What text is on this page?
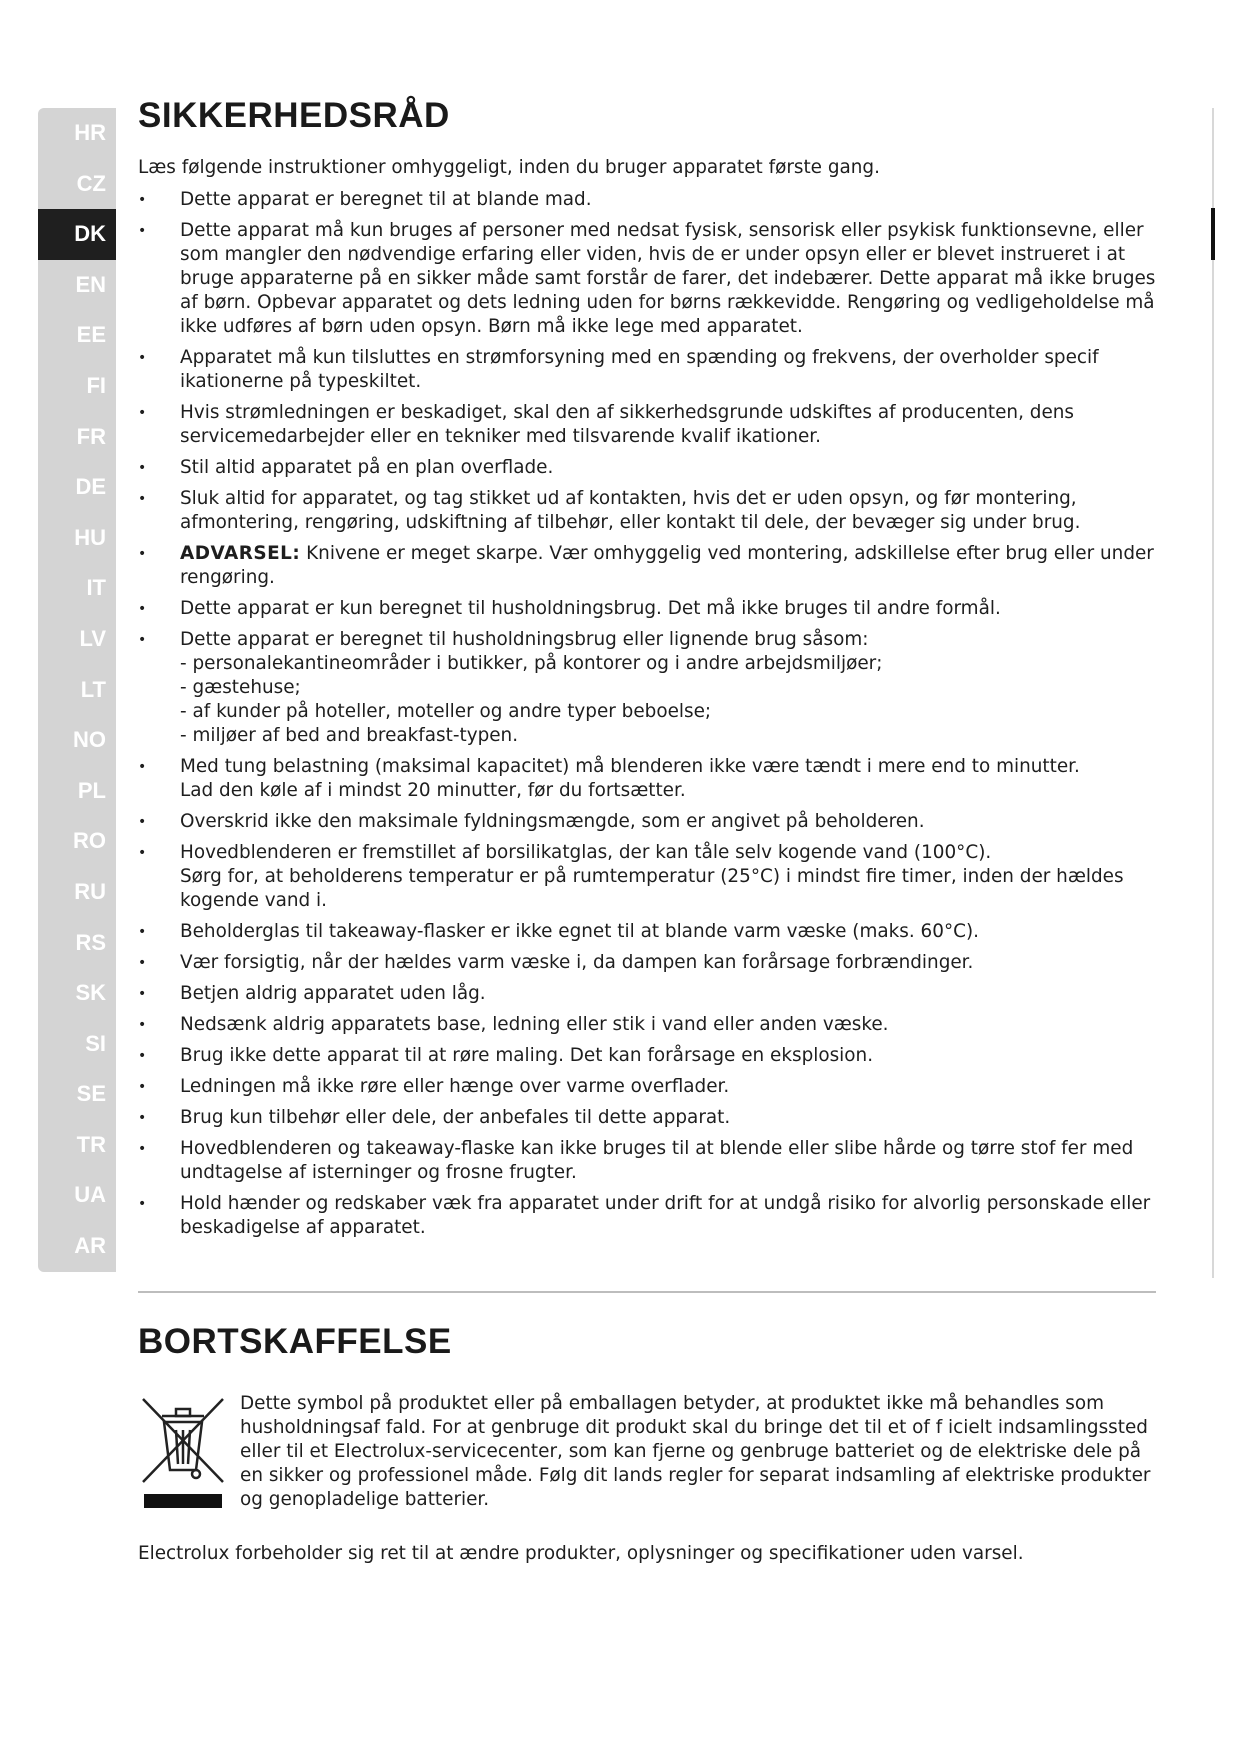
HR
CZ
DK
EN
EE
FI
FR
DE
HU
IT
LV
LT
NO
PL
RO
RU
RS
SK
SI
SE
TR
UA
AR
SIKKERHEDSRÅD
Læs følgende instruktioner omhyggeligt, inden du bruger apparatet første gang.
• Dette apparat er beregnet til at blande mad.
• Dette apparat må kun bruges af personer med nedsat fysisk, sensorisk eller psykisk funktionsevne, eller som mangler den nødvendige erfaring eller viden, hvis de er under opsyn eller er blevet instrueret i at bruge apparaterne på en sikker måde samt forstår de farer, det indebærer. Dette apparat må ikke bruges af børn. Opbevar apparatet og dets ledning uden for børns rækkevidde. Rengøring og vedligeholdelse må ikke udføres af børn uden opsyn. Børn må ikke lege med apparatet.
• Apparatet må kun tilsluttes en strømforsyning med en spænding og frekvens, der overholder specif ikationerne på typeskiltet.
• Hvis strømledningen er beskadiget, skal den af sikkerhedsgrunde udskiftes af producenten, dens servicemedarbejder eller en tekniker med tilsvarende kvalif ikationer.
• Stil altid apparatet på en plan overflade.
• Sluk altid for apparatet, og tag stikket ud af kontakten, hvis det er uden opsyn, og før montering, afmontering, rengøring, udskiftning af tilbehør, eller kontakt til dele, der bevæger sig under brug.
• ADVARSEL: Knivene er meget skarpe. Vær omhyggelig ved montering, adskillelse efter brug eller under rengøring.
• Dette apparat er kun beregnet til husholdningsbrug. Det må ikke bruges til andre formål.
• Dette apparat er beregnet til husholdningsbrug eller lignende brug såsom:
- personalekantineområder i butikker, på kontorer og i andre arbejdsmiljøer;
- gæstehuse;
- af kunder på hoteller, moteller og andre typer beboelse;
- miljøer af bed and breakfast-typen.
• Med tung belastning (maksimal kapacitet) må blenderen ikke være tændt i mere end to minutter.
Lad den køle af i mindst 20 minutter, før du fortsætter.
• Overskrid ikke den maksimale fyldningsmængde, som er angivet på beholderen.
• Hovedblenderen er fremstillet af borsilikatglas, der kan tåle selv kogende vand (100°C).
Sørg for, at beholderens temperatur er på rumtemperatur (25°C) i mindst fire timer, inden der hældes kogende vand i.
• Beholderglas til takeaway-flasker er ikke egnet til at blande varm væske (maks. 60°C).
• Vær forsigtig, når der hældes varm væske i, da dampen kan forårsage forbrændinger.
• Betjen aldrig apparatet uden låg.
• Nedsænk aldrig apparatets base, ledning eller stik i vand eller anden væske.
• Brug ikke dette apparat til at røre maling. Det kan forårsage en eksplosion.
• Ledningen må ikke røre eller hænge over varme overflader.
• Brug kun tilbehør eller dele, der anbefales til dette apparat.
• Hovedblenderen og takeaway-flaske kan ikke bruges til at blende eller slibe hårde og tørre stof fer med undtagelse af isterninger og frosne frugter.
• Hold hænder og redskaber væk fra apparatet under drift for at undgå risiko for alvorlig personskade eller beskadigelse af apparatet.
BORTSKAFFELSE
Dette symbol på produktet eller på emballagen betyder, at produktet ikke må behandles som husholdningsaf fald. For at genbruge dit produkt skal du bringe det til et of f icielt indsamlingssted eller til et Electrolux-servicecenter, som kan fjerne og genbruge batteriet og de elektriske dele på en sikker og professionel måde. Følg dit lands regler for separat indsamling af elektriske produkter og genopladelige batterier.
Electrolux forbeholder sig ret til at ændre produkter, oplysninger og specifikationer uden varsel.
